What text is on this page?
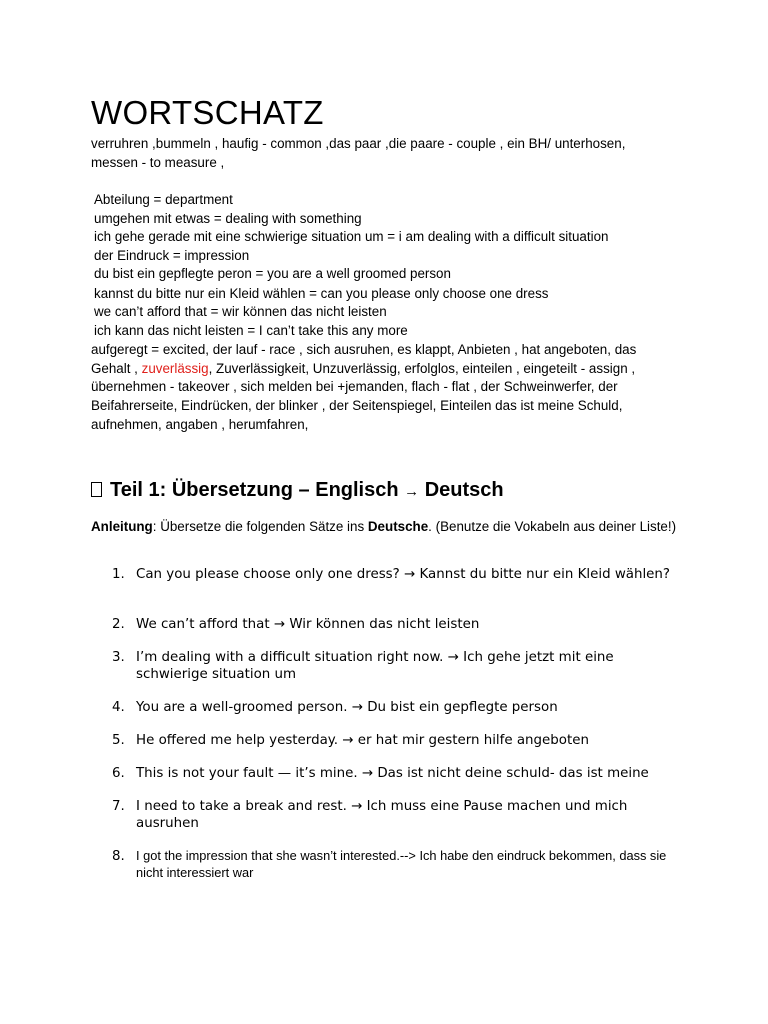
WORTSCHATZ
verruhren ,bummeln , haufig - common ,das paar ,die paare - couple , ein BH/ unterhosen,
messen - to measure ,
Abteilung = department
umgehen mit etwas = dealing with something
ich gehe gerade mit eine schwierige situation um = i am dealing with a difficult situation
der Eindruck = impression
du bist ein gepflegte peron = you are a well groomed person
kannst du bitte nur ein Kleid wählen = can you please only choose one dress
we can’t afford that = wir können das nicht leisten
ich kann das nicht leisten = I can’t take this any more
aufgeregt = excited, der lauf - race , sich ausruhen, es klappt, Anbieten , hat angeboten, das
Gehalt , zuverlässig, Zuverlässigkeit, Unzuverlässig, erfolglos, einteilen , eingeteilt - assign ,
übernehmen - takeover , sich melden bei +jemanden, flach - flat , der Schweinwerfer, der
Beifahrerseite, Eindrücken, der blinker , der Seitenspiegel, Einteilen das ist meine Schuld,
aufnehmen, angaben , herumfahren,
Teil 1: Übersetzung – Englisch → Deutsch
Anleitung: Übersetze die folgenden Sätze ins Deutsche. (Benutze die Vokabeln aus deiner Liste!)
1. Can you please choose only one dress? → Kannst du bitte nur ein Kleid wählen?
2. We can’t afford that → Wir können das nicht leisten
3. I’m dealing with a difficult situation right now. → Ich gehe jetzt mit eine schwierige situation um
4. You are a well-groomed person. → Du bist ein gepflegte person
5. He offered me help yesterday. → er hat mir gestern hilfe angeboten
6. This is not your fault — it’s mine. → Das ist nicht deine schuld- das ist meine
7. I need to take a break and rest. → Ich muss eine Pause machen und mich ausruhen
8. I got the impression that she wasn’t interested.--> Ich habe den eindruck bekommen, dass sie nicht interessiert war
